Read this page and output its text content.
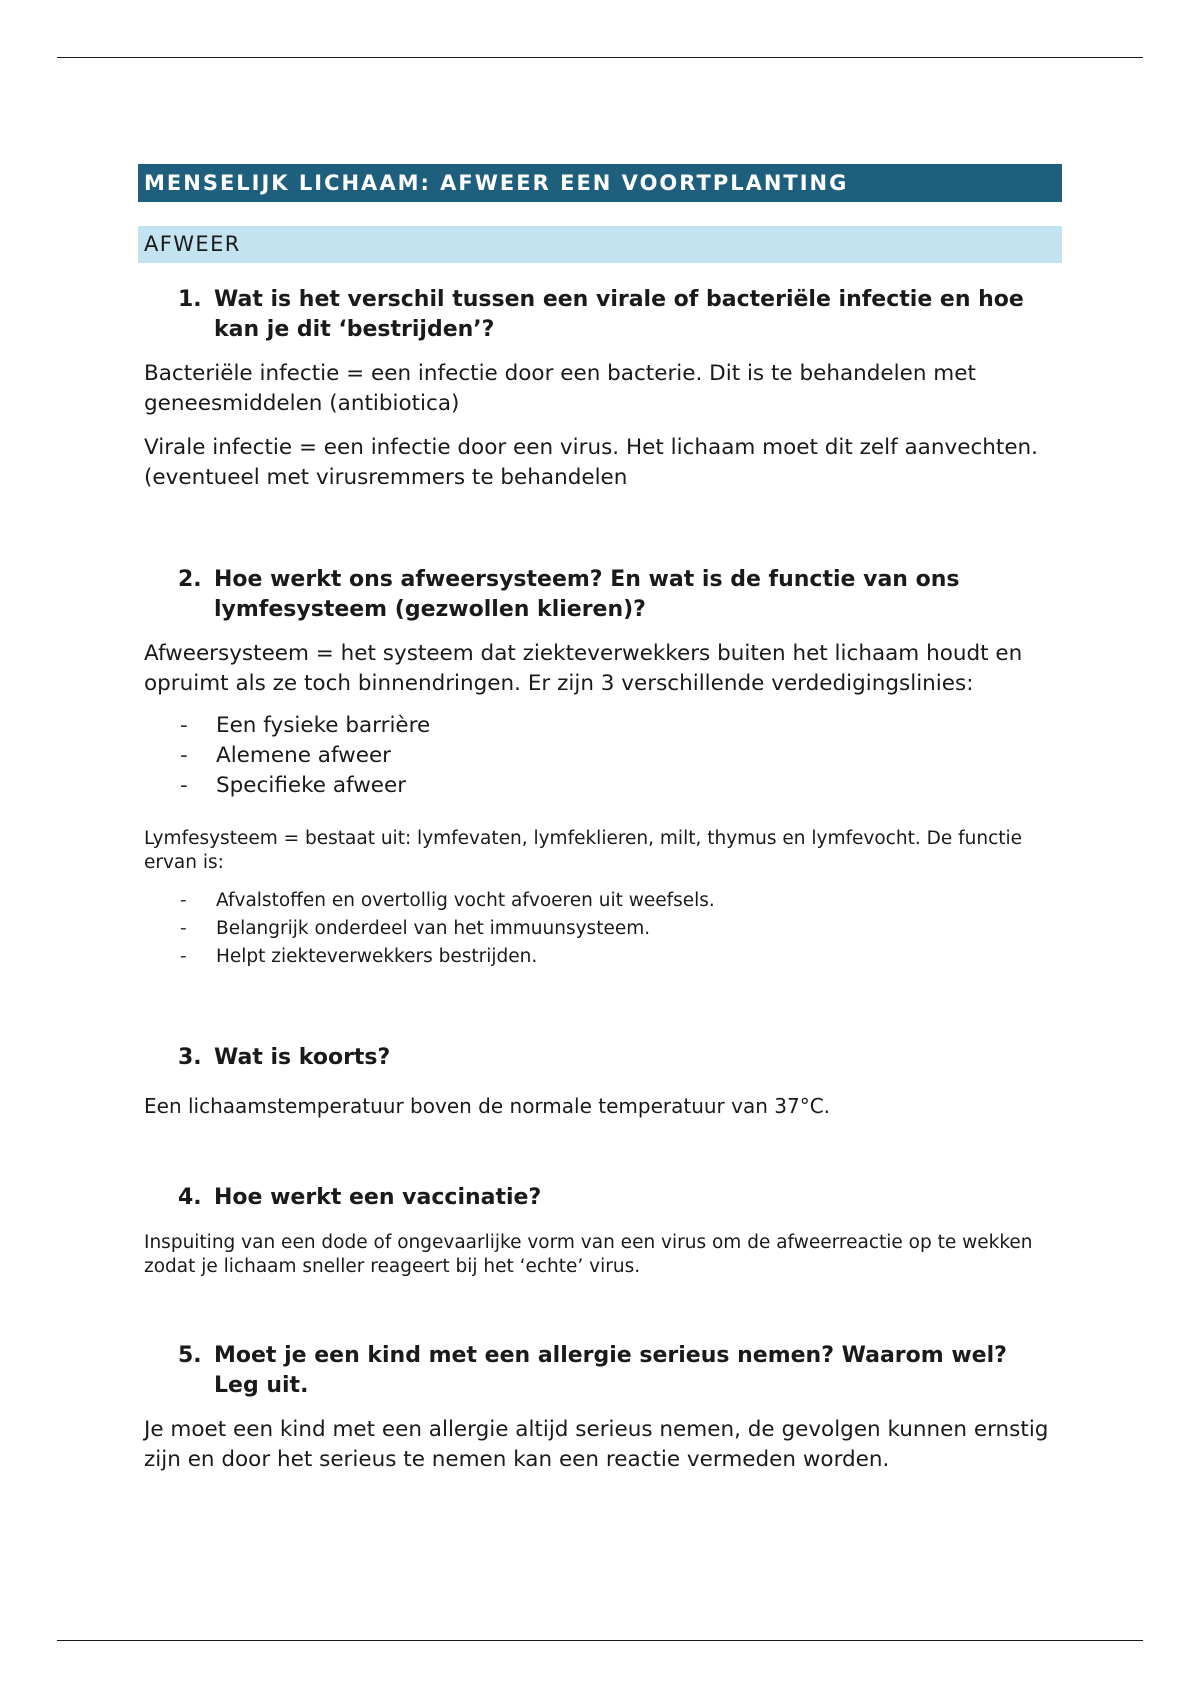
MENSELIJK LICHAAM: AFWEER EEN VOORTPLANTING
AFWEER
1. Wat is het verschil tussen een virale of bacteriële infectie en hoe kan je dit ‘bestrijden’?

Bacteriële infectie = een infectie door een bacterie. Dit is te behandelen met geneesmiddelen (antibiotica)

Virale infectie = een infectie door een virus. Het lichaam moet dit zelf aanvechten. (eventueel met virusremmers te behandelen

2. Hoe werkt ons afweersysteem? En wat is de functie van ons lymfesysteem (gezwollen klieren)?

Afweersysteem = het systeem dat ziekteverwekkers buiten het lichaam houdt en opruimt als ze toch binnendringen. Er zijn 3 verschillende verdedigingslinies:

-	Een fysieke barrière
-	Alemene afweer
-	Specifieke afweer

Lymfesysteem = bestaat uit: lymfevaten, lymfeklieren, milt, thymus en lymfevocht. De functie ervan is:

-	Afvalstoffen en overtollig vocht afvoeren uit weefsels.
-	Belangrijk onderdeel van het immuunsysteem.
-	Helpt ziekteverwekkers bestrijden.
3. Wat is koorts?

Een lichaamstemperatuur boven de normale temperatuur van 37°C.

4. Hoe werkt een vaccinatie?

Inspuiting van een dode of ongevaarlijke vorm van een virus om de afweerreactie op te wekken zodat je lichaam sneller reageert bij het ‘echte’ virus.

5. Moet je een kind met een allergie serieus nemen? Waarom wel? Leg uit.

Je moet een kind met een allergie altijd serieus nemen, de gevolgen kunnen ernstig zijn en door het serieus te nemen kan een reactie vermeden worden.
